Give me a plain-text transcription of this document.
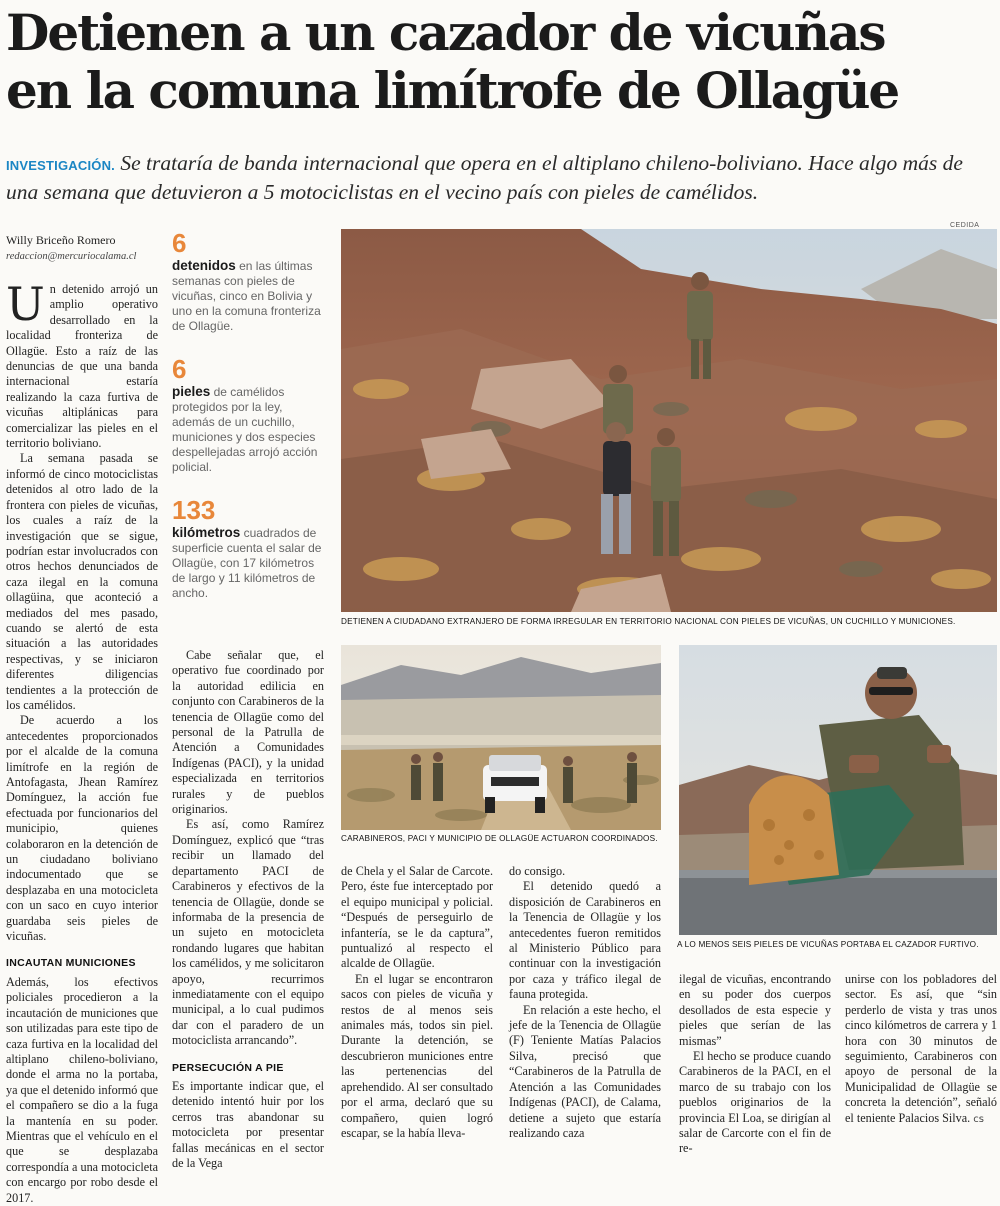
Detienen a un cazador de vicuñas
en la comuna limítrofe de Ollagüe
INVESTIGACIÓN. Se trataría de banda internacional que opera en el altiplano chileno-boliviano. Hace algo más de una semana que detuvieron a 5 motociclistas en el vecino país con pieles de camélidos.
Willy Briceño Romero
redaccion@mercuriocalama.cl

Un detenido arrojó un amplio operativo desarrollado en la localidad fronteriza de Ollagüe. Esto a raíz de las denuncias de que una banda internacional estaría realizando la caza furtiva de vicuñas altiplánicas para comercializar las pieles en el territorio boliviano.

La semana pasada se informó de cinco motociclistas detenidos al otro lado de la frontera con pieles de vicuñas, los cuales a raíz de la investigación que se sigue, podrían estar involucrados con otros hechos denunciados de caza ilegal en la comuna ollagüina, que aconteció a mediados del mes pasado, cuando se alertó de esta situación a las autoridades respectivas, y se iniciaron diferentes diligencias tendientes a la protección de los camélidos.

De acuerdo a los antecedentes proporcionados por el alcalde de la comuna limítrofe en la región de Antofagasta, Jhean Ramírez Domínguez, la acción fue efectuada por funcionarios del municipio, quienes colaboraron en la detención de un ciudadano boliviano indocumentado que se desplazaba en una motocicleta con un saco en cuyo interior guardaba seis pieles de vicuñas.

INCAUTAN MUNICIONES

Además, los efectivos policiales procedieron a la incautación de municiones que son utilizadas para este tipo de caza furtiva en la localidad del altiplano chileno-boliviano, donde el arma no la portaba, ya que el detenido informó que el compañero se dio a la fuga la mantenía en su poder. Mientras que el vehículo en el que se desplazaba correspondía a una motocicleta con encargo por robo desde el 2017.

6
detenidos en las últimas semanas con pieles de vicuñas, cinco en Bolivia y uno en la comuna fronteriza de Ollagüe.
6
pieles de camélidos protegidos por la ley, además de un cuchillo, municiones y dos especies despellejadas arrojó acción policial.
133
kilómetros cuadrados de superficie cuenta el salar de Ollagüe, con 17 kilómetros de largo y 11 kilómetros de ancho.
CEDIDA
DETIENEN A CIUDADANO EXTRANJERO DE FORMA IRREGULAR EN TERRITORIO NACIONAL CON PIELES DE VICUÑAS, UN CUCHILLO Y MUNICIONES.
CARABINEROS, PACI Y MUNICIPIO DE OLLAGÜE ACTUARON COORDINADOS.
A LO MENOS SEIS PIELES DE VICUÑAS PORTABA EL CAZADOR FURTIVO.

Cabe señalar que, el operativo fue coordinado por la autoridad edilicia en conjunto con Carabineros de la tenencia de Ollagüe como del personal de la Patrulla de Atención a Comunidades Indígenas (PACI), y la unidad especializada en territorios rurales y de pueblos originarios.

Es así, como Ramírez Domínguez, explicó que “tras recibir un llamado del departamento PACI de Carabineros y efectivos de la tenencia de Ollagüe, donde se informaba de la presencia de un sujeto en motocicleta rondando lugares que habitan los camélidos, y me solicitaron apoyo, recurrimos inmediatamente con el equipo municipal, a lo cual pudimos dar con el paradero de un motociclista arrancando”.

PERSECUCIÓN A PIE

Es importante indicar que, el detenido intentó huir por los cerros tras abandonar su motocicleta por presentar fallas mecánicas en el sector de la Vega

de Chela y el Salar de Carcote. Pero, éste fue interceptado por el equipo municipal y policial. “Después de perseguirlo de infantería, se le da captura”, puntualizó al respecto el alcalde de Ollagüe.

En el lugar se encontraron sacos con pieles de vicuña y restos de al menos seis animales más, todos sin piel. Durante la detención, se descubrieron municiones entre las pertenencias del aprehendido. Al ser consultado por el arma, declaró que su compañero, quien logró escapar, se la había lleva-

do consigo.

El detenido quedó a disposición de Carabineros en la Tenencia de Ollagüe y los antecedentes fueron remitidos al Ministerio Público para continuar con la investigación por caza y tráfico ilegal de fauna protegida.

En relación a este hecho, el jefe de la Tenencia de Ollagüe (F) Teniente Matías Palacios Silva, precisó que “Carabineros de la Patrulla de Atención a las Comunidades Indígenas (PACI), de Calama, detiene a sujeto que estaría realizando caza

ilegal de vicuñas, encontrando en su poder dos cuerpos desollados de esta especie y pieles que serían de las mismas”

El hecho se produce cuando Carabineros de la PACI, en el marco de su trabajo con los pueblos originarios de la provincia El Loa, se dirigían al salar de Carcorte con el fin de re-

unirse con los pobladores del sector. Es así, que “sin perderlo de vista y tras unos cinco kilómetros de carrera y 1 hora con 30 minutos de seguimiento, Carabineros con apoyo de personal de la Municipalidad de Ollagüe se concreta la detención”, señaló el teniente Palacios Silva. cs
